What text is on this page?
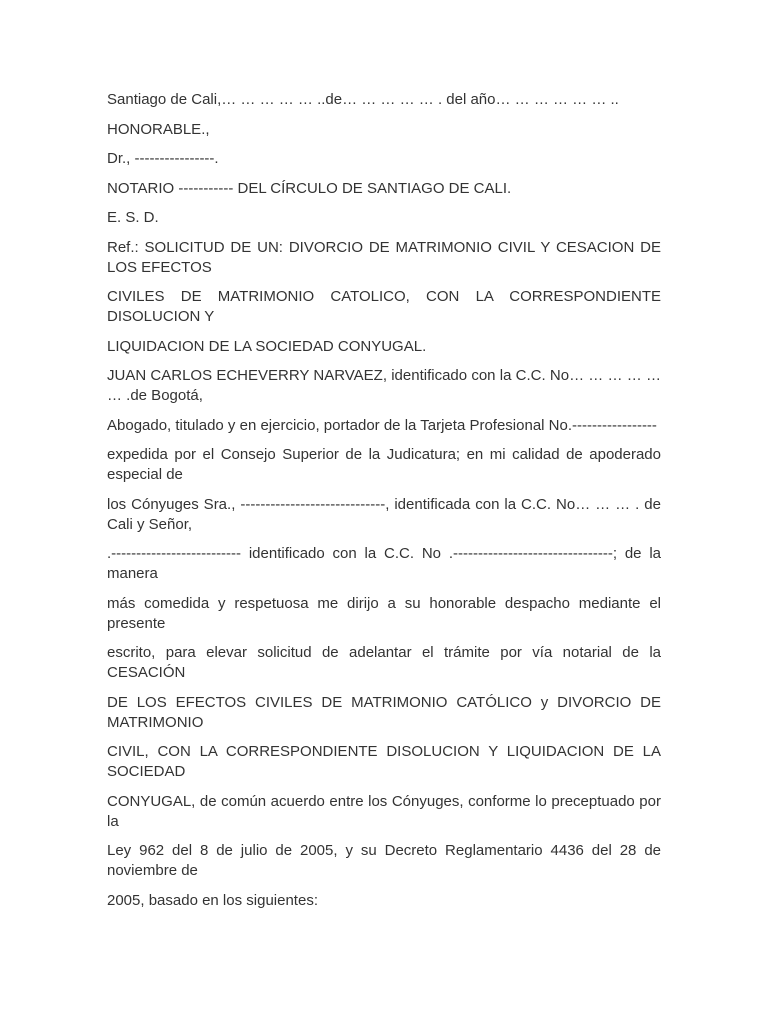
Santiago de Cali,… … … … … ..de… … … … … . del año… … … … … … ..

HONORABLE.,

Dr., ----------------.

NOTARIO ----------- DEL CÍRCULO DE SANTIAGO DE CALI.

E. S. D.

Ref.: SOLICITUD DE UN: DIVORCIO DE MATRIMONIO CIVIL Y CESACION DE LOS EFECTOS

CIVILES DE MATRIMONIO CATOLICO, CON LA CORRESPONDIENTE DISOLUCION Y

LIQUIDACION DE LA SOCIEDAD CONYUGAL.

JUAN CARLOS ECHEVERRY NARVAEZ, identificado con la C.C. No… … … … … … .de Bogotá,

Abogado, titulado y en ejercicio, portador de la Tarjeta Profesional No.-----------------

expedida por el Consejo Superior de la Judicatura; en mi calidad de apoderado especial de

los Cónyuges Sra., -----------------------------, identificada con la C.C. No… … … . de Cali y Señor,

.-------------------------- identificado con la C.C. No .--------------------------------; de la manera

más comedida y respetuosa me dirijo a su honorable despacho mediante el presente

escrito, para elevar solicitud de adelantar el trámite por vía notarial de la CESACIÓN

DE LOS EFECTOS CIVILES DE MATRIMONIO CATÓLICO y DIVORCIO DE MATRIMONIO

CIVIL, CON LA CORRESPONDIENTE DISOLUCION Y LIQUIDACION DE LA SOCIEDAD

CONYUGAL, de común acuerdo entre los Cónyuges, conforme lo preceptuado por la

Ley 962 del 8 de julio de 2005, y su Decreto Reglamentario 4436 del 28 de noviembre de

2005, basado en los siguientes:
